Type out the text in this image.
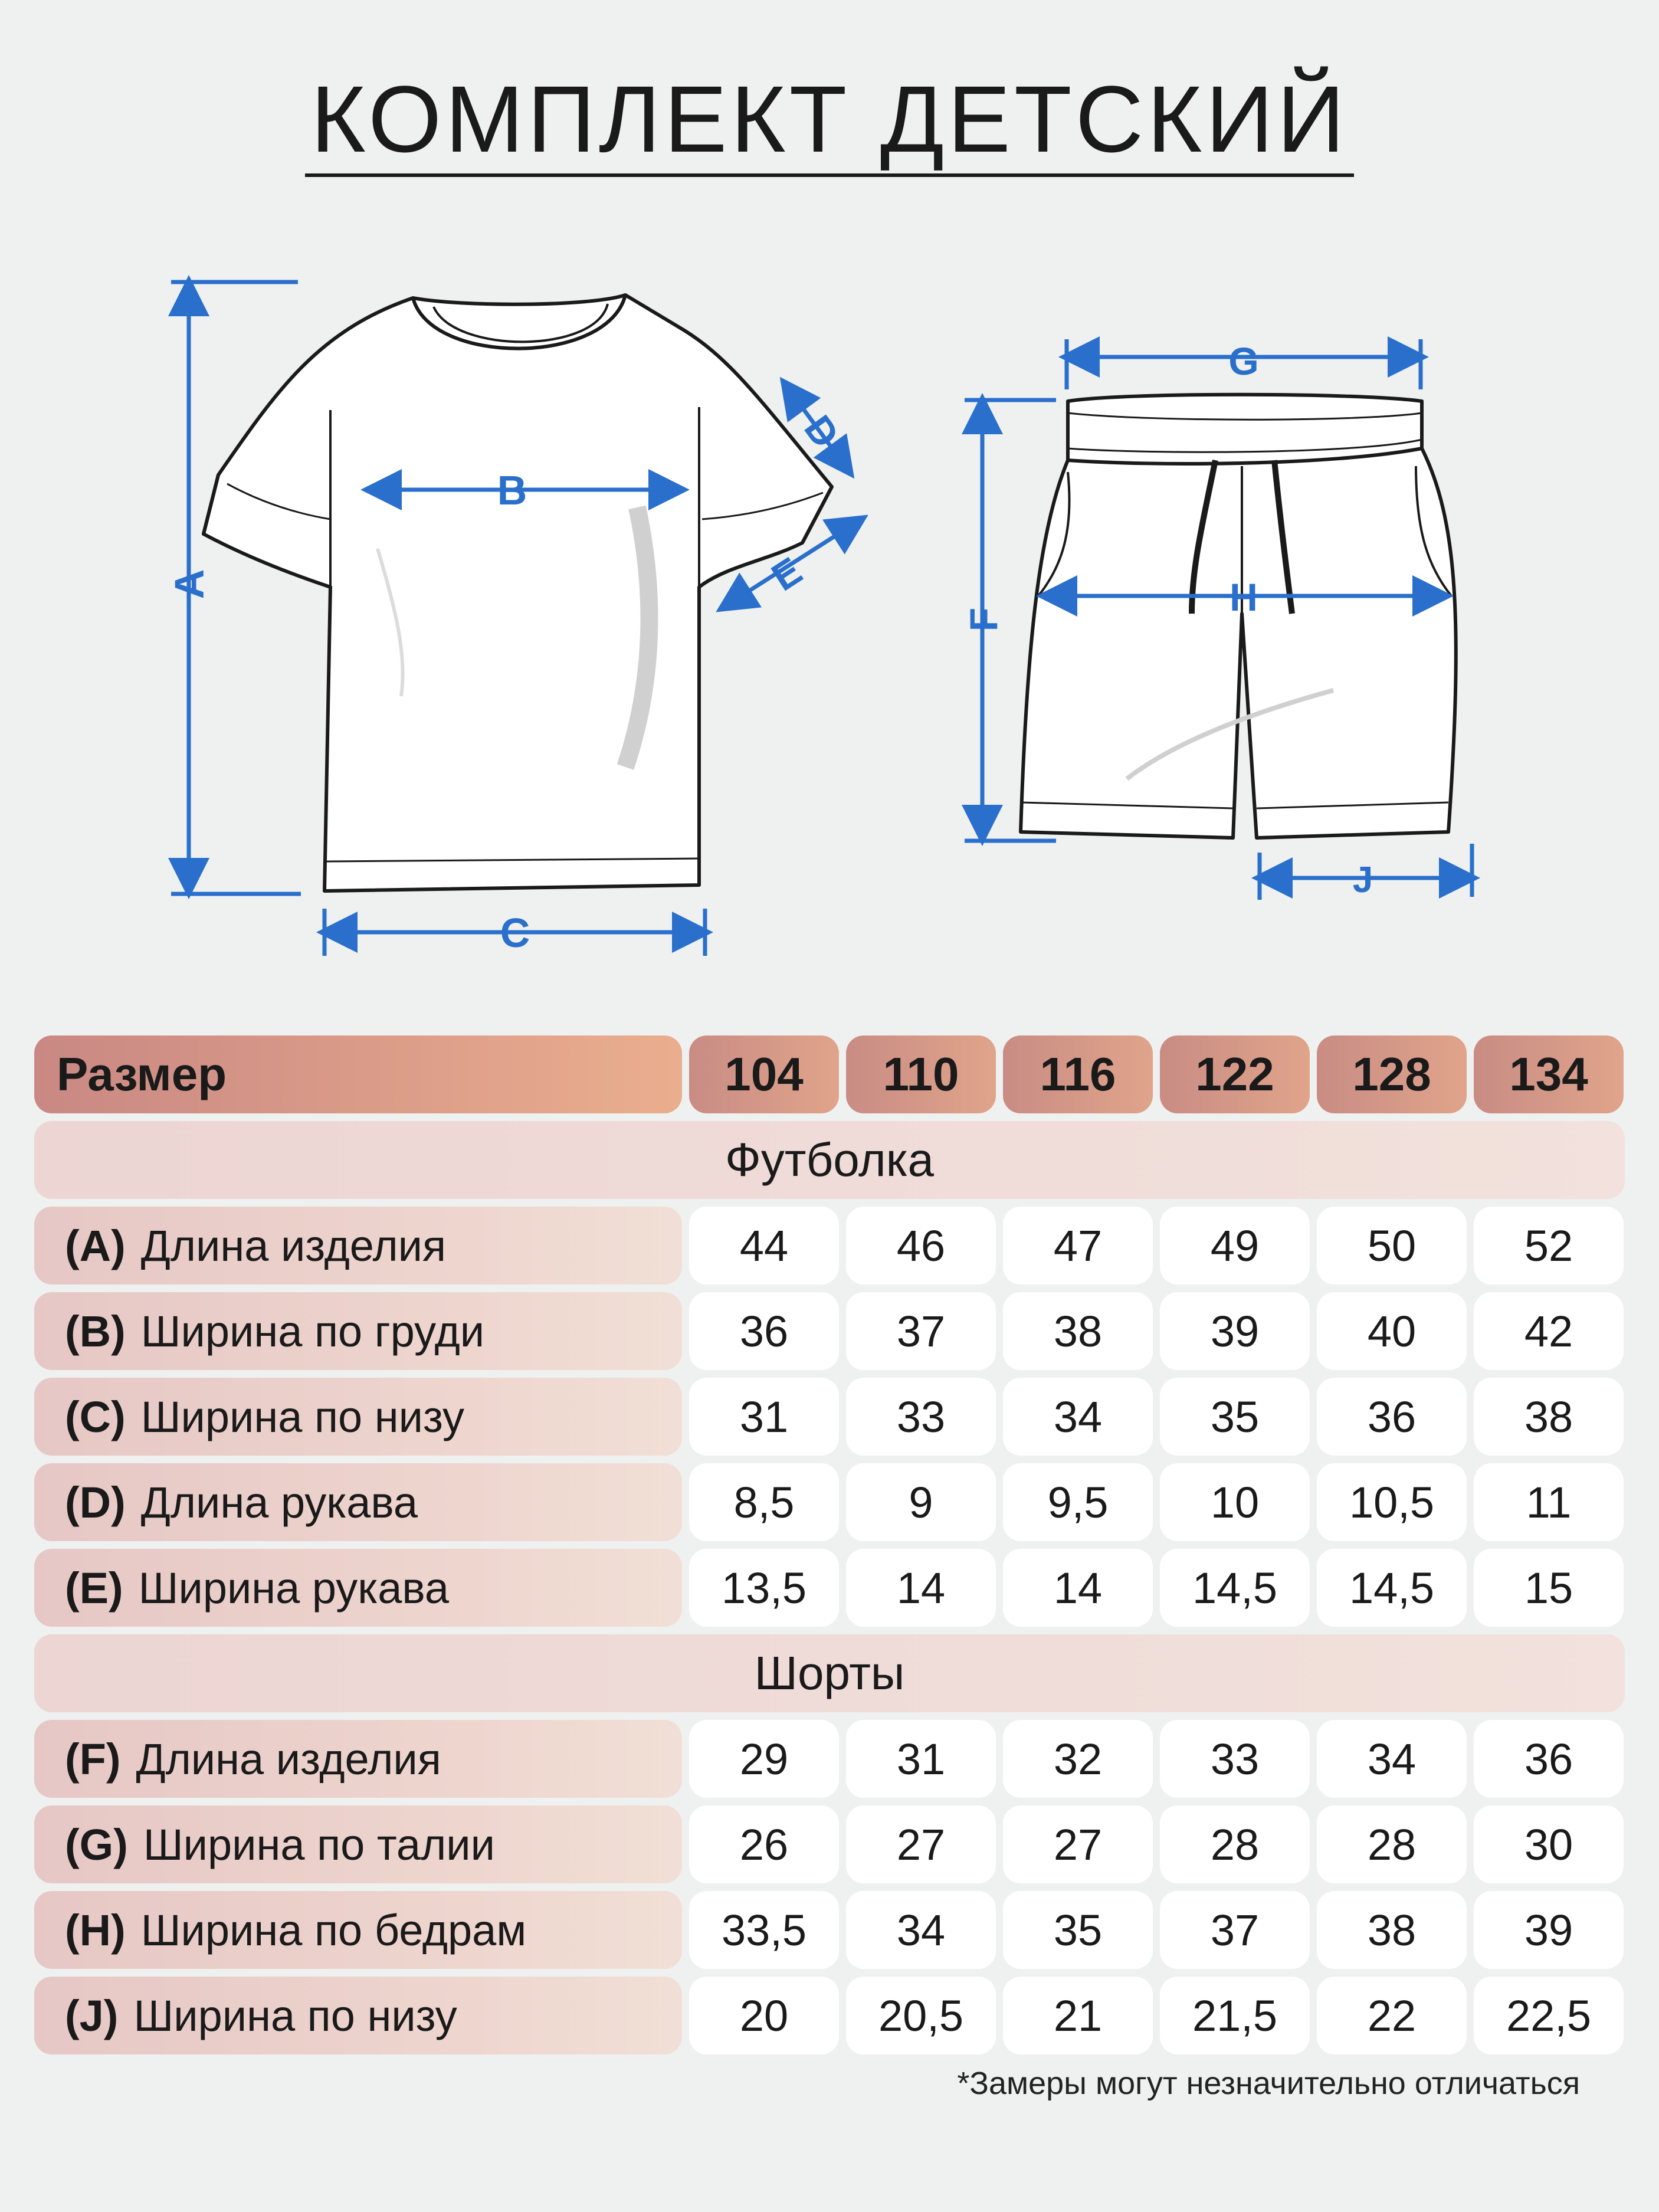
КОМПЛЕКТ ДЕТСКИЙ
B
C
A
D
E
G
H
J
F
Размер	104	110	116	122	128	134
Футболка
(A) Длина изделия	44	46	47	49	50	52
(B) Ширина по груди	36	37	38	39	40	42
(C) Ширина по низу	31	33	34	35	36	38
(D) Длина рукава	8,5	9	9,5	10	10,5	11
(E) Ширина рукава	13,5	14	14	14,5	14,5	15
Шорты
(F) Длина изделия	29	31	32	33	34	36
(G) Ширина по талии	26	27	27	28	28	30
(H) Ширина по бедрам	33,5	34	35	37	38	39
(J) Ширина по низу	20	20,5	21	21,5	22	22,5
*Замеры могут незначительно отличаться
